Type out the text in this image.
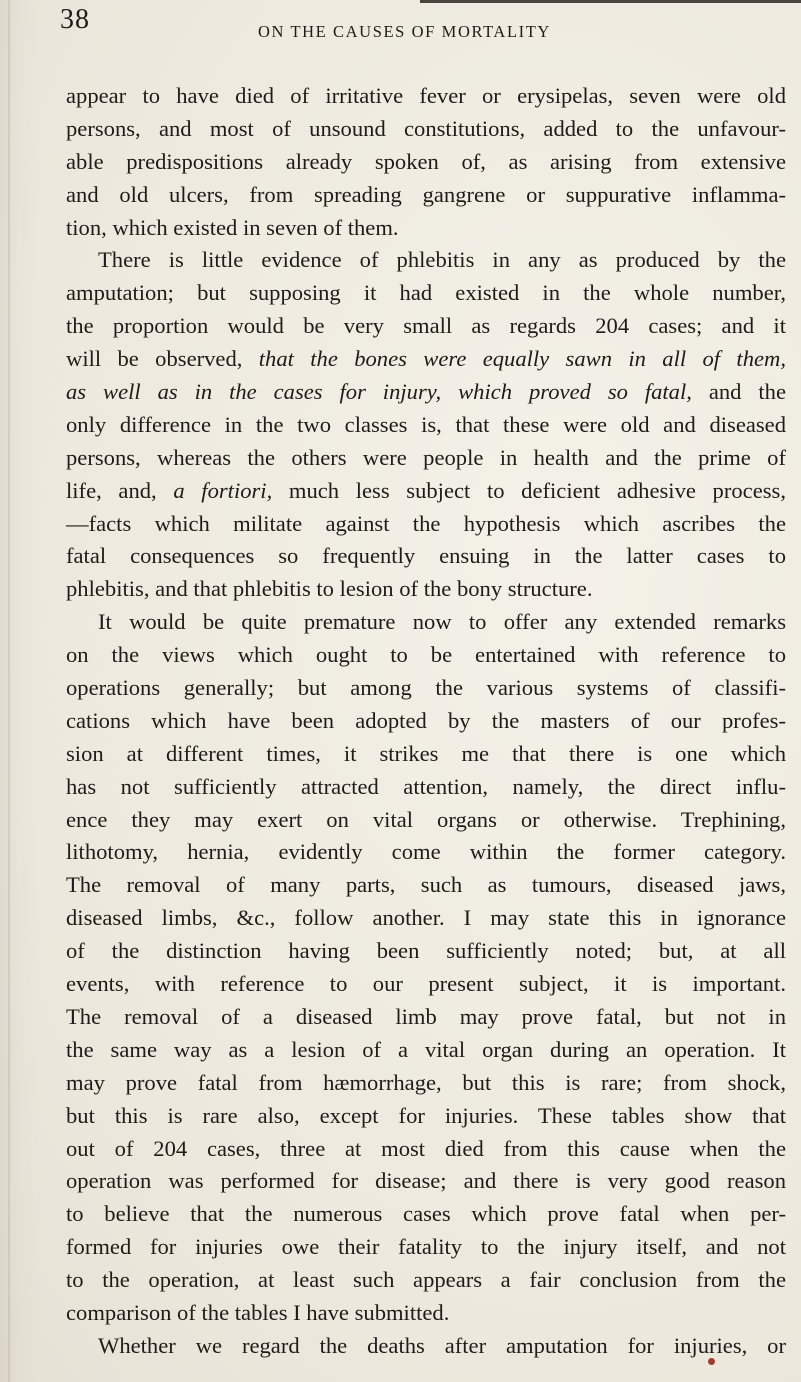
38	ON THE CAUSES OF MORTALITY
appear to have died of irritative fever or erysipelas, seven were old
persons, and most of unsound constitutions, added to the unfavour-
able predispositions already spoken of, as arising from extensive
and old ulcers, from spreading gangrene or suppurative inflamma-
tion, which existed in seven of them.
There is little evidence of phlebitis in any as produced by the
amputation; but supposing it had existed in the whole number,
the proportion would be very small as regards 204 cases; and it
will be observed, that the bones were equally sawn in all of them,
as well as in the cases for injury, which proved so fatal, and the
only difference in the two classes is, that these were old and diseased
persons, whereas the others were people in health and the prime of
life, and, a fortiori, much less subject to deficient adhesive process,
—facts which militate against the hypothesis which ascribes the
fatal consequences so frequently ensuing in the latter cases to
phlebitis, and that phlebitis to lesion of the bony structure.
It would be quite premature now to offer any extended remarks
on the views which ought to be entertained with reference to
operations generally; but among the various systems of classifi-
cations which have been adopted by the masters of our profes-
sion at different times, it strikes me that there is one which
has not sufficiently attracted attention, namely, the direct influ-
ence they may exert on vital organs or otherwise. Trephining,
lithotomy, hernia, evidently come within the former category.
The removal of many parts, such as tumours, diseased jaws,
diseased limbs, &c., follow another. I may state this in ignorance
of the distinction having been sufficiently noted; but, at all
events, with reference to our present subject, it is important.
The removal of a diseased limb may prove fatal, but not in
the same way as a lesion of a vital organ during an operation. It
may prove fatal from hæmorrhage, but this is rare; from shock,
but this is rare also, except for injuries. These tables show that
out of 204 cases, three at most died from this cause when the
operation was performed for disease; and there is very good reason
to believe that the numerous cases which prove fatal when per-
formed for injuries owe their fatality to the injury itself, and not
to the operation, at least such appears a fair conclusion from the
comparison of the tables I have submitted.
Whether we regard the deaths after amputation for injuries, or
